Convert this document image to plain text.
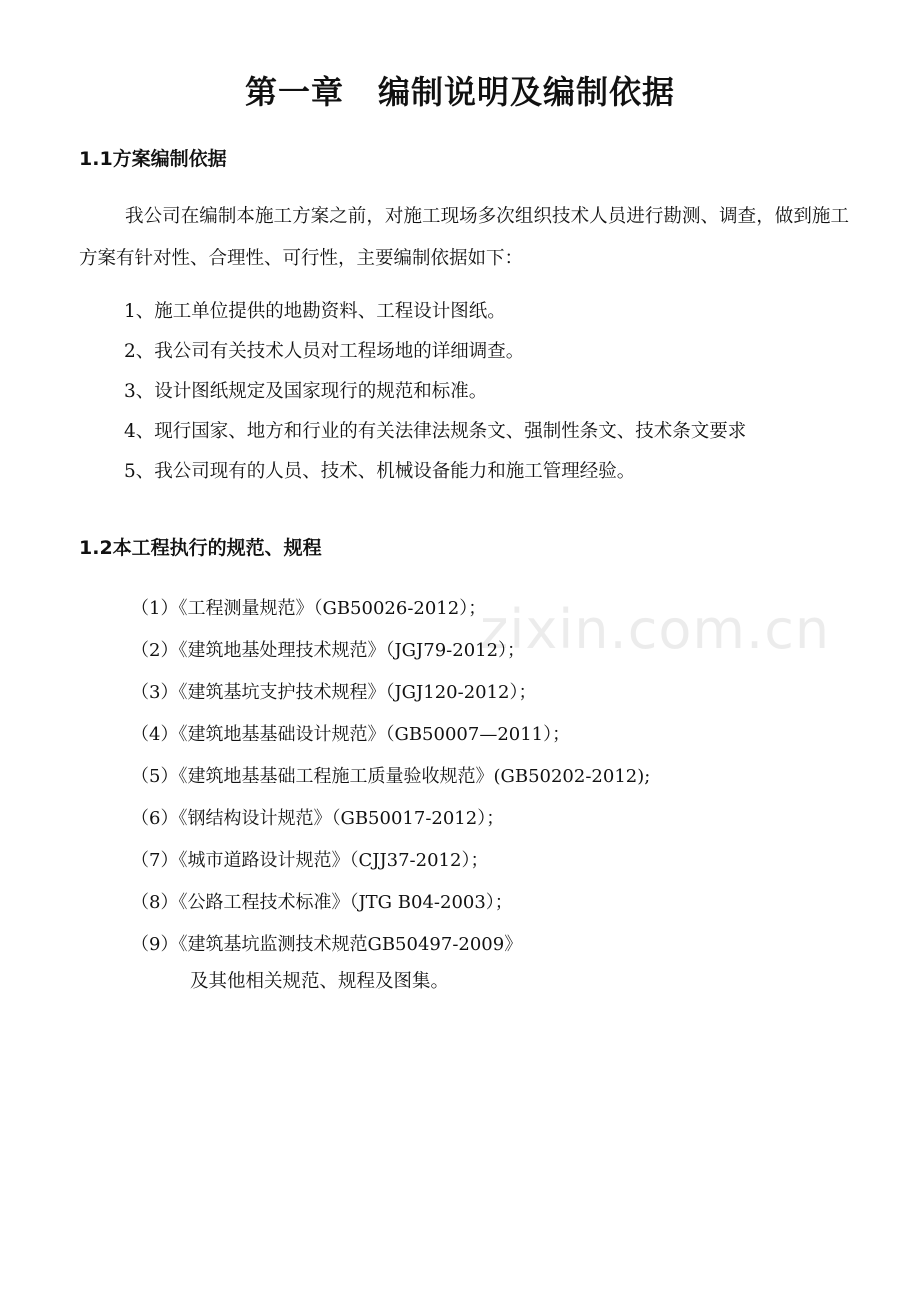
第一章 编制说明及编制依据
1.1方案编制依据

我公司在编制本施工方案之前，对施工现场多次组织技术人员进行勘测、调查，做到施工方案有针对性、合理性、可行性，主要编制依据如下：

1、施工单位提供的地勘资料、工程设计图纸。
2、我公司有关技术人员对工程场地的详细调查。
3、设计图纸规定及国家现行的规范和标准。
4、现行国家、地方和行业的有关法律法规条文、强制性条文、技术条文要求
5、我公司现有的人员、技术、机械设备能力和施工管理经验。
1.2本工程执行的规范、规程
（1）《工程测量规范》（GB50026-2012）；
（2）《建筑地基处理技术规范》（JGJ79-2012）；
（3）《建筑基坑支护技术规程》（JGJ120-2012）；
（4）《建筑地基基础设计规范》（GB50007—2011）；
（5）《建筑地基基础工程施工质量验收规范》(GB50202-2012);
（6）《钢结构设计规范》（GB50017-2012）；
（7）《城市道路设计规范》（CJJ37-2012）；
（8）《公路工程技术标准》（JTG B04-2003）；
（9）《建筑基坑监测技术规范GB50497-2009》
及其他相关规范、规程及图集。
zixin.com.cn
